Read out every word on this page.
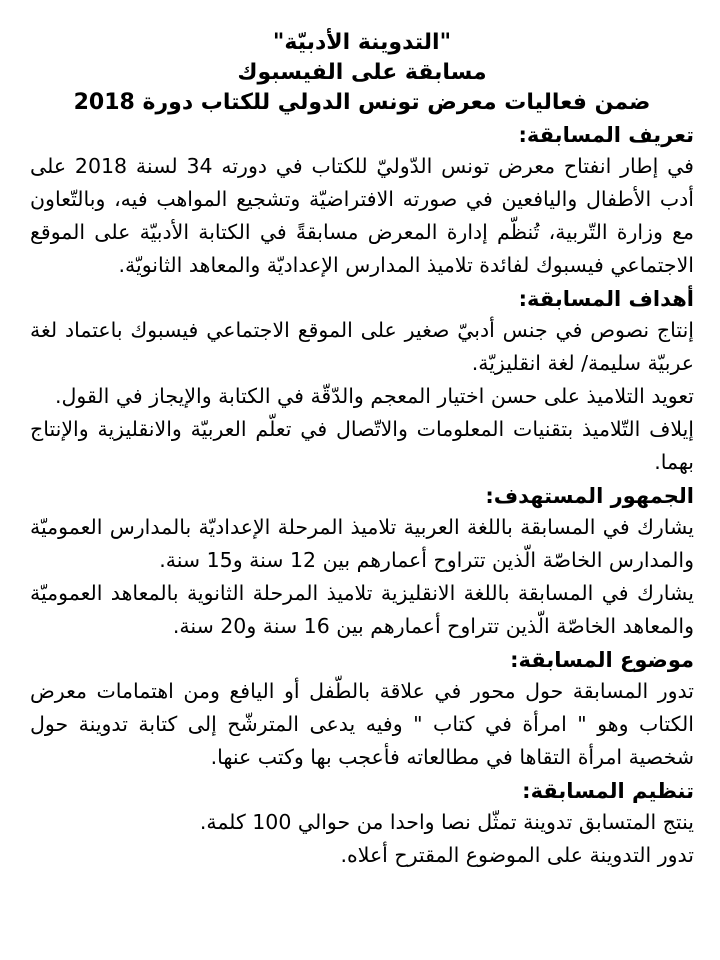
"التدوينة الأدبيّة"
مسابقة على الفيسبوك
ضمن فعاليات معرض تونس الدولي للكتاب دورة 2018
تعريف المسابقة:

في إطار انفتاح معرض تونس الدّوليّ للكتاب في دورته 34 لسنة 2018 على أدب الأطفال واليافعين في صورته الافتراضيّة وتشجيع المواهب فيه، وبالتّعاون مع وزارة التّربية، تُنظّم إدارة المعرض مسابقةً في الكتابة الأدبيّة على الموقع الاجتماعي فيسبوك لفائدة تلاميذ المدارس الإعداديّة والمعاهد الثانويّة.

أهداف المسابقة:

إنتاج نصوص في جنس أدبيّ صغير على الموقع الاجتماعي فيسبوك باعتماد لغة عربيّة سليمة/ لغة انقليزيّة.

تعويد التلاميذ على حسن اختيار المعجم والدّقّة في الكتابة والإيجاز في القول.

إيلاف التّلاميذ بتقنيات المعلومات والاتّصال في تعلّم العربيّة والانقليزية والإنتاج بهما.

الجمهور المستهدف:

يشارك في المسابقة باللغة العربية تلاميذ المرحلة الإعداديّة بالمدارس العموميّة والمدارس الخاصّة الّذين تتراوح أعمارهم بين 12 سنة و15 سنة.

يشارك في المسابقة باللغة الانقليزية تلاميذ المرحلة الثانوية بالمعاهد العموميّة والمعاهد الخاصّة الّذين تتراوح أعمارهم بين 16 سنة و20 سنة.

موضوع المسابقة:

تدور المسابقة حول محور في علاقة بالطّفل أو اليافع ومن اهتمامات معرض الكتاب وهو " امرأة في كتاب " وفيه يدعى المترشّح إلى كتابة تدوينة حول شخصية امرأة التقاها في مطالعاته فأعجب بها وكتب عنها.

تنظيم المسابقة:

ينتج المتسابق تدوينة تمثّل نصا واحدا من حوالي 100 كلمة.

تدور التدوينة على الموضوع المقترح أعلاه.
